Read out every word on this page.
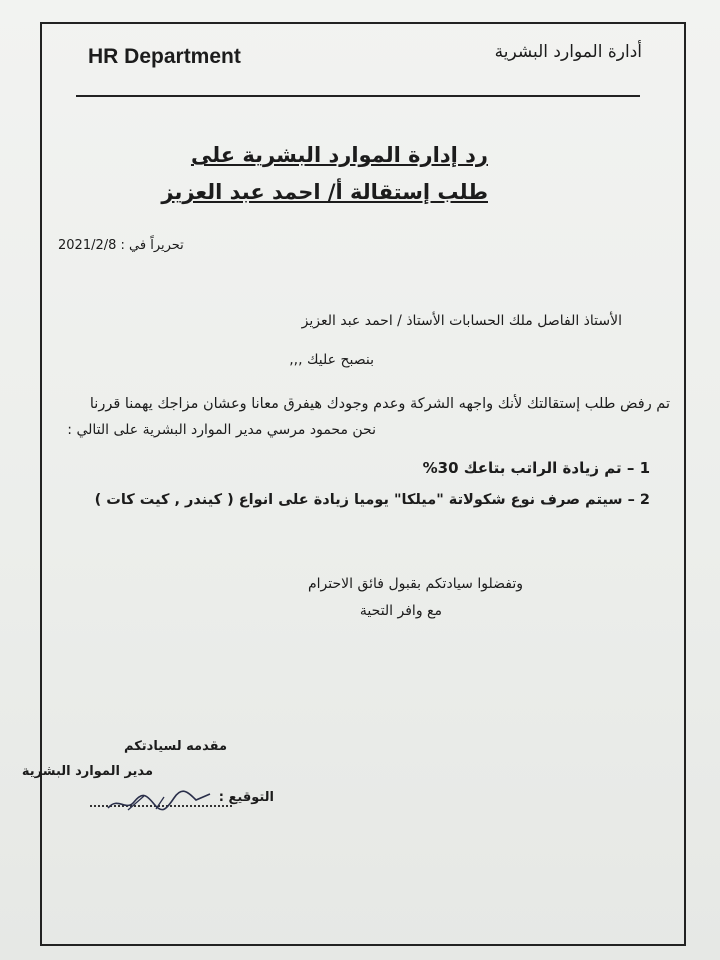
HR Department	أدارة الموارد البشرية
رد إدارة الموارد البشرية على
طلب إستقالة أ/ احمد عبد العزيز
تحريراً في : 2021/2/8
الأستاذ الفاصل ملك الحسابات الأستاذ / احمد عبد العزيز
بنصبح عليك ,,,
تم رفض طلب إستقالتك لأنك واجهه الشركة وعدم وجودك هيفرق معانا وعشان مزاجك يهمنا قررنا
نحن محمود مرسي مدير الموارد البشرية على التالي :
1 – تم زيادة الراتب بتاعك 30%
2 – سيتم صرف نوع شكولاتة "ميلكا" يوميا زيادة على انواع ( كيندر , كيت كات )
وتفضلوا سيادتكم بقبول فائق الاحترام
مع وافر التحية
مقدمه لسيادتكم
مدير الموارد البشرية
التوقيع :
